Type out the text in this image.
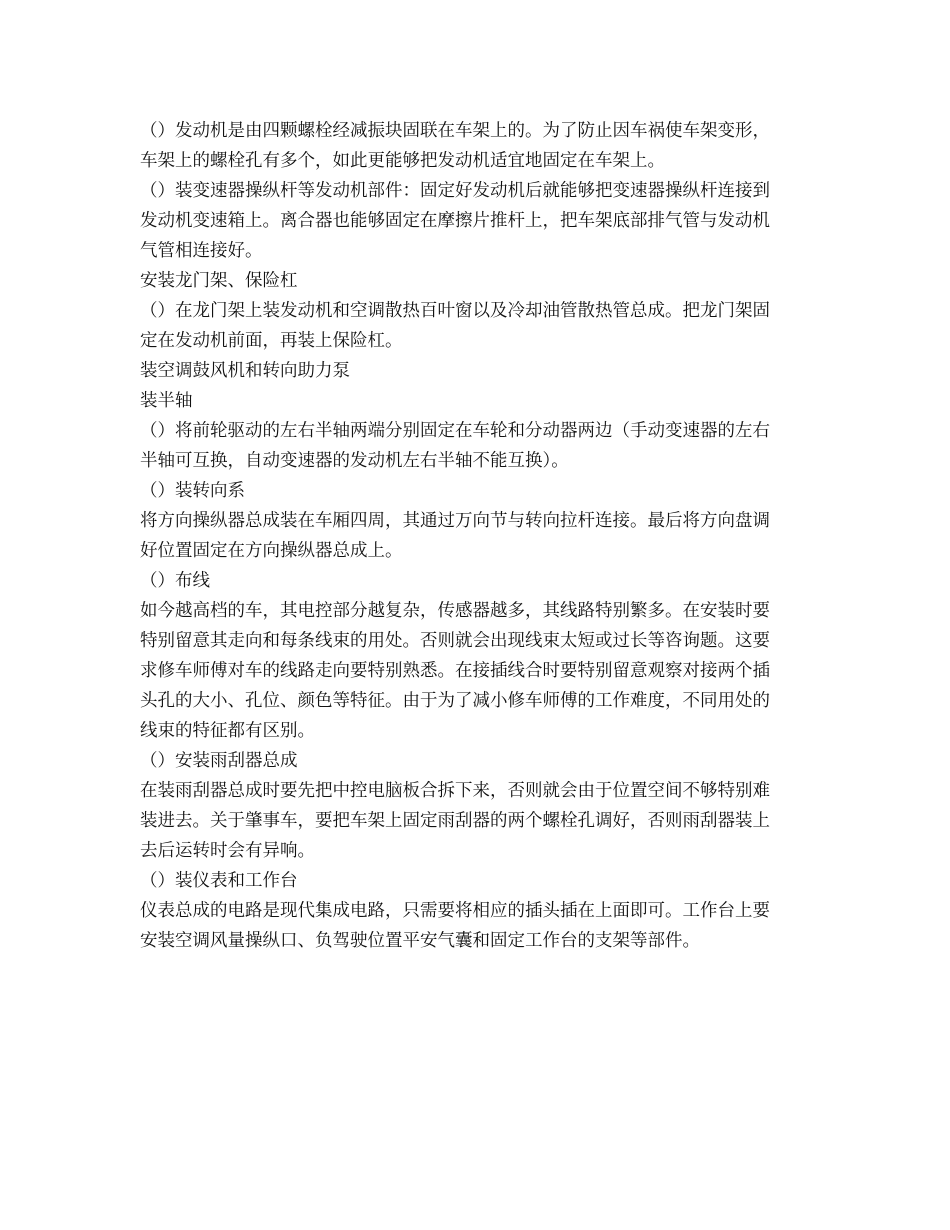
（）发动机是由四颗螺栓经减振块固联在车架上的。为了防止因车祸使车架变形，

车架上的螺栓孔有多个，如此更能够把发动机适宜地固定在车架上。

（）装变速器操纵杆等发动机部件：固定好发动机后就能够把变速器操纵杆连接到

发动机变速箱上。离合器也能够固定在摩擦片推杆上，把车架底部排气管与发动机

气管相连接好。

安装龙门架、保险杠

（）在龙门架上装发动机和空调散热百叶窗以及冷却油管散热管总成。把龙门架固

定在发动机前面，再装上保险杠。

装空调鼓风机和转向助力泵

装半轴

（）将前轮驱动的左右半轴两端分别固定在车轮和分动器两边（手动变速器的左右

半轴可互换，自动变速器的发动机左右半轴不能互换）。

（）装转向系

将方向操纵器总成装在车厢四周，其通过万向节与转向拉杆连接。最后将方向盘调

好位置固定在方向操纵器总成上。

（）布线

如今越高档的车，其电控部分越复杂，传感器越多，其线路特别繁多。在安装时要

特别留意其走向和每条线束的用处。否则就会出现线束太短或过长等咨询题。这要

求修车师傅对车的线路走向要特别熟悉。在接插线合时要特别留意观察对接两个插

头孔的大小、孔位、颜色等特征。由于为了减小修车师傅的工作难度，不同用处的

线束的特征都有区别。

（）安装雨刮器总成

在装雨刮器总成时要先把中控电脑板合拆下来，否则就会由于位置空间不够特别难

装进去。关于肇事车，要把车架上固定雨刮器的两个螺栓孔调好，否则雨刮器装上

去后运转时会有异响。

（）装仪表和工作台

仪表总成的电路是现代集成电路，只需要将相应的插头插在上面即可。工作台上要

安装空调风量操纵口、负驾驶位置平安气囊和固定工作台的支架等部件。
